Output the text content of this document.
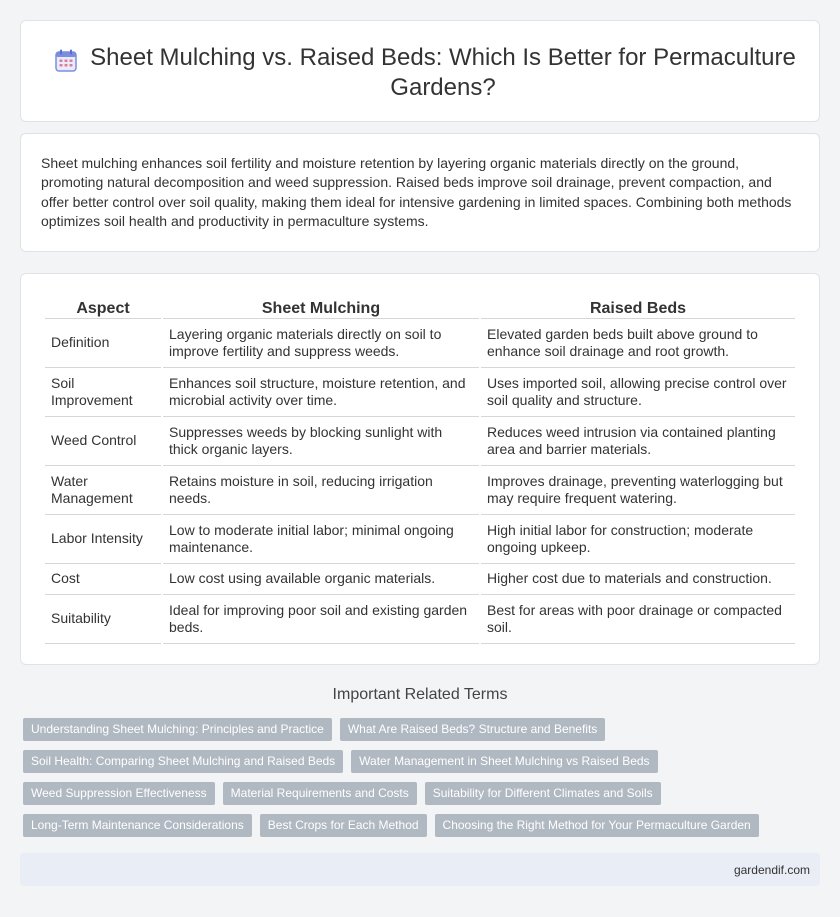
Sheet Mulching vs. Raised Beds: Which Is Better for Permaculture Gardens?

Sheet mulching enhances soil fertility and moisture retention by layering organic materials directly on the ground, promoting natural decomposition and weed suppression. Raised beds improve soil drainage, prevent compaction, and offer better control over soil quality, making them ideal for intensive gardening in limited spaces. Combining both methods optimizes soil health and productivity in permaculture systems.

Aspect	Sheet Mulching	Raised Beds
Definition	Layering organic materials directly on soil to improve fertility and suppress weeds.	Elevated garden beds built above ground to enhance soil drainage and root growth.
Soil Improvement	Enhances soil structure, moisture retention, and microbial activity over time.	Uses imported soil, allowing precise control over soil quality and structure.
Weed Control	Suppresses weeds by blocking sunlight with thick organic layers.	Reduces weed intrusion via contained planting area and barrier materials.
Water Management	Retains moisture in soil, reducing irrigation needs.	Improves drainage, preventing waterlogging but may require frequent watering.
Labor Intensity	Low to moderate initial labor; minimal ongoing maintenance.	High initial labor for construction; moderate ongoing upkeep.
Cost	Low cost using available organic materials.	Higher cost due to materials and construction.
Suitability	Ideal for improving poor soil and existing garden beds.	Best for areas with poor drainage or compacted soil.
Important Related Terms
Understanding Sheet Mulching: Principles and Practice	What Are Raised Beds? Structure and Benefits
Soil Health: Comparing Sheet Mulching and Raised Beds	Water Management in Sheet Mulching vs Raised Beds
Weed Suppression Effectiveness	Material Requirements and Costs	Suitability for Different Climates and Soils
Long-Term Maintenance Considerations	Best Crops for Each Method	Choosing the Right Method for Your Permaculture Garden
gardendif.com
